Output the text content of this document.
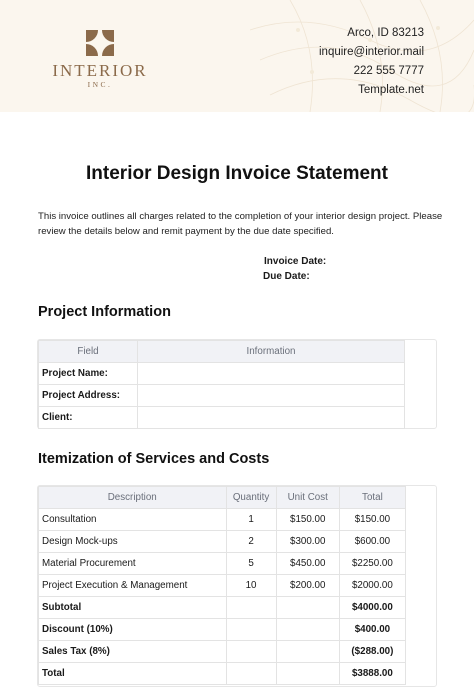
INTERIOR
INC.
Arco, ID 83213
inquire@interior.mail
222 555 7777
Template.net
Interior Design Invoice Statement

This invoice outlines all charges related to the completion of your interior design project. Please review the details below and remit payment by the due date specified.

Invoice Date:
Due Date:
Project Information
Field	Information
Project Name:	
Project Address:	
Client:	
Itemization of Services and Costs
Description	Quantity	Unit Cost	Total
Consultation	1	$150.00	$150.00
Design Mock-ups	2	$300.00	$600.00
Material Procurement	5	$450.00	$2250.00
Project Execution & Management	10	$200.00	$2000.00
Subtotal			$4000.00
Discount (10%)			$400.00
Sales Tax (8%)			($288.00)
Total			$3888.00
